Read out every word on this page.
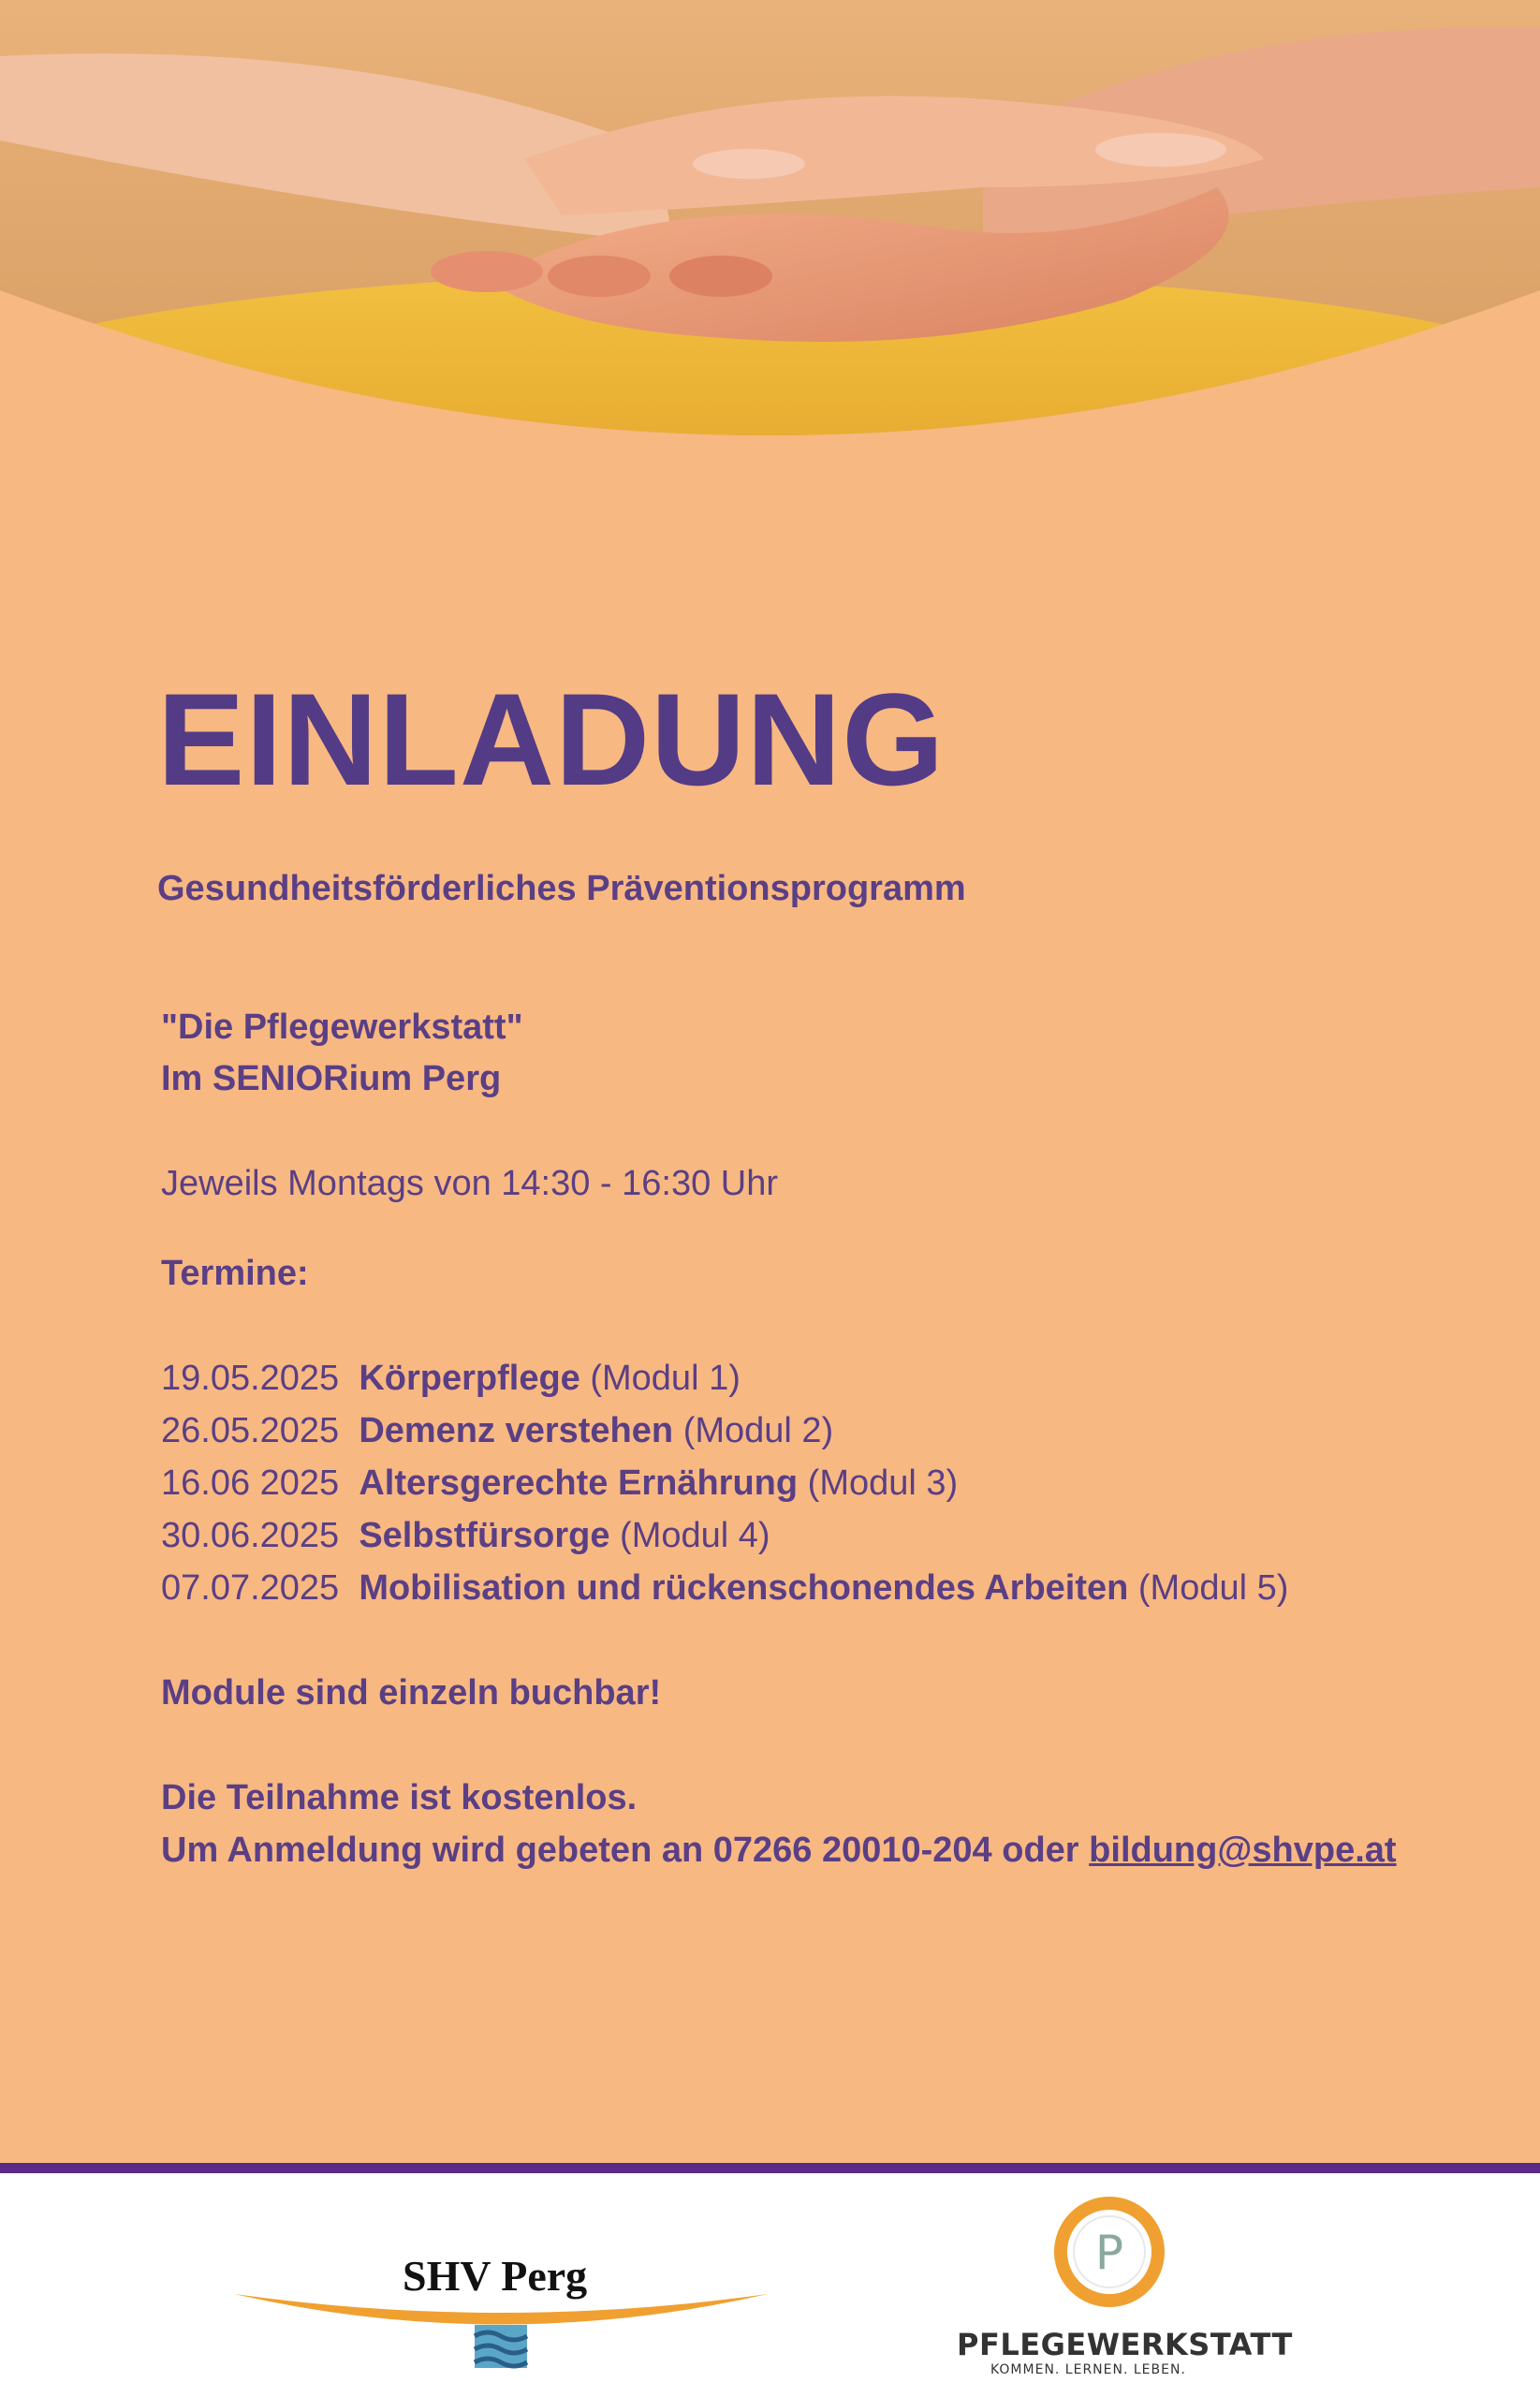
EINLADUNG
Gesundheitsförderliches Präventionsprogramm
"Die Pflegewerkstatt"
Im SENIORium Perg
Jeweils Montags von 14:30 - 16:30 Uhr
Termine:
19.05.2025 Körperpflege (Modul 1)
26.05.2025 Demenz verstehen (Modul 2)
16.06 2025 Altersgerechte Ernährung (Modul 3)
30.06.2025 Selbstfürsorge (Modul 4)
07.07.2025 Mobilisation und rückenschonendes Arbeiten (Modul 5)
Module sind einzeln buchbar!
Die Teilnahme ist kostenlos.
Um Anmeldung wird gebeten an 07266 20010-204 oder bildung@shvpe.at
SHV Perg	P
PFLEGEWERKSTATT
KOMMEN. LERNEN. LEBEN.
